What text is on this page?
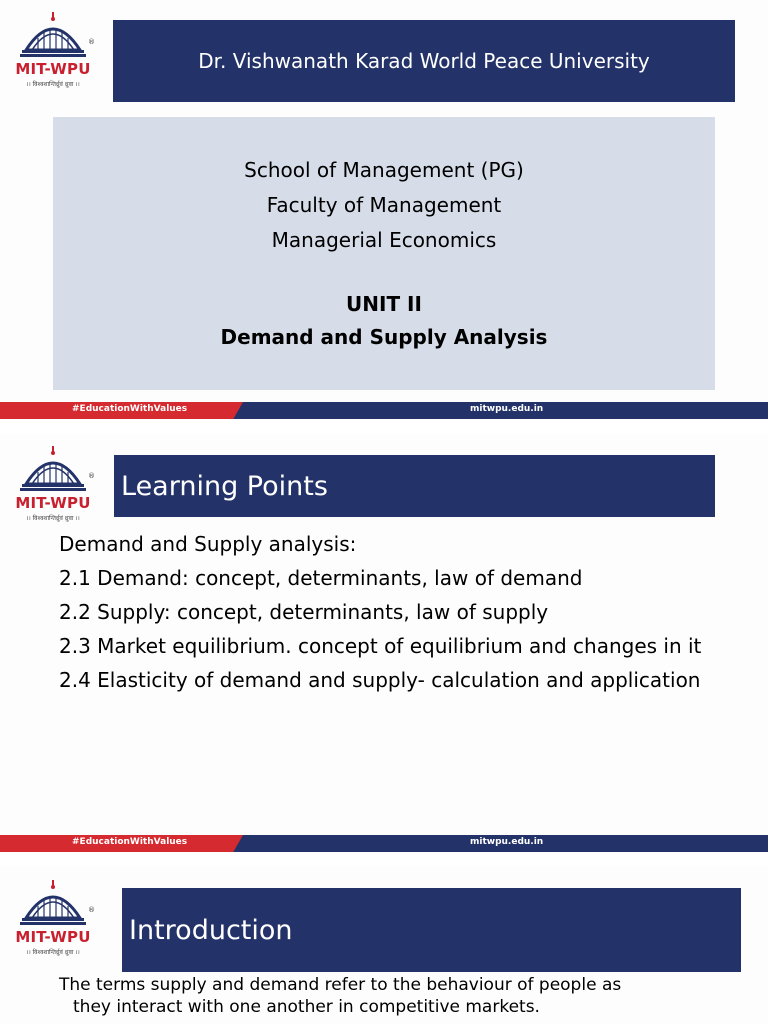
®
MIT-WPU
।। विश्वशान्तिर्ध्रुवं ध्रुवा ।।
Dr. Vishwanath Karad World Peace University
School of Management (PG)
Faculty of Management
Managerial Economics
UNIT II
Demand and Supply Analysis
#EducationWithValues	mitwpu.edu.in
®
MIT-WPU
।। विश्वशान्तिर्ध्रुवं ध्रुवा ।।
Learning Points
Demand and Supply analysis:
2.1 Demand: concept, determinants, law of demand
2.2 Supply: concept, determinants, law of supply
2.3 Market equilibrium. concept of equilibrium and changes in it
2.4 Elasticity of demand and supply- calculation and application
#EducationWithValues	mitwpu.edu.in
®
MIT-WPU
।। विश्वशान्तिर्ध्रुवं ध्रुवा ।।
Introduction
The terms supply and demand refer to the behaviour of people as
they interact with one another in competitive markets.
